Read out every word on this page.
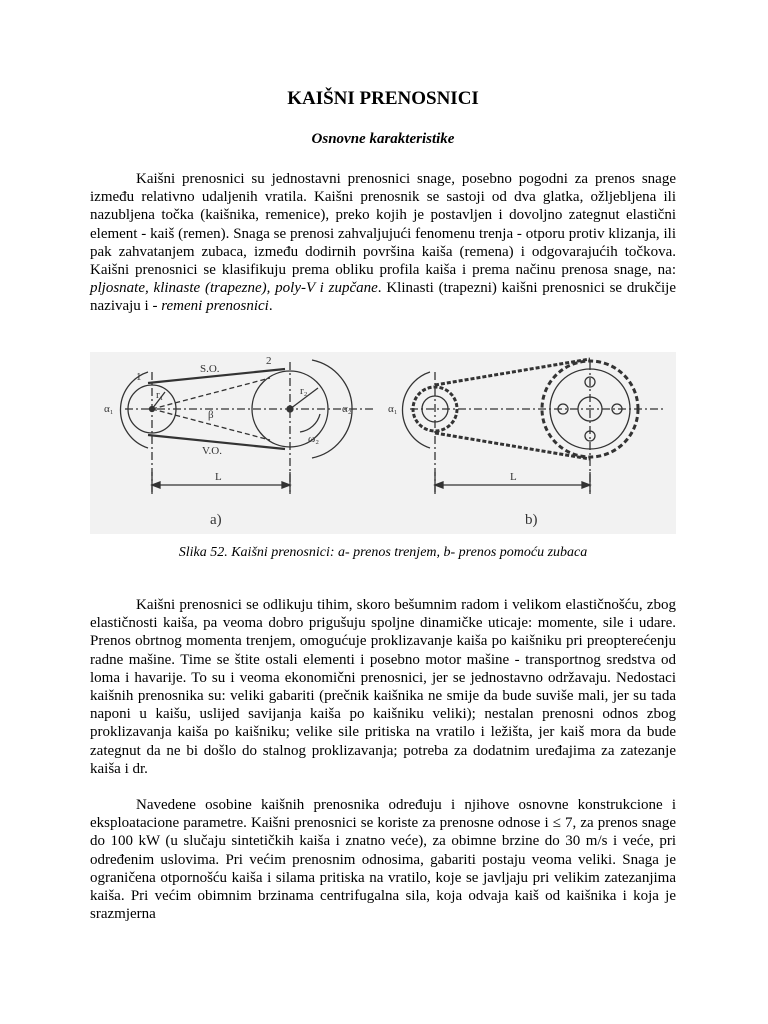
KAIŠNI PRENOSNICI
Osnovne karakteristike

Kaišni prenosnici su jednostavni prenosnici snage, posebno pogodni za prenos snage između relativno udaljenih vratila. Kaišni prenosnik se sastoji od dva glatka, ožljebljena ili nazubljena točka (kaišnika, remenice), preko kojih je postavljen i dovoljno zategnut elastični element - kaiš (remen). Snaga se prenosi zahvaljujući fenomenu trenja - otporu protiv klizanja, ili pak zahvatanjem zubaca, između dodirnih površina kaiša (remena) i odgovarajućih točkova. Kaišni prenosnici se klasifikuju prema obliku profila kaiša i prema načinu prenosa snage, na: pljosnate, klinaste (trapezne), poly-V i zupčane. Klinasti (trapezni) kaišni prenosnici se drukčije nazivaju i - remeni prenosnici.

S.O.
V.O.
L
α₁	α₂
r₁	r₂
β
ω₂
1
2
α₁
L
a)	b)

Slika 52. Kaišni prenosnici: a- prenos trenjem, b- prenos pomoću zubaca

Kaišni prenosnici se odlikuju tihim, skoro bešumnim radom i velikom elastičnošću, zbog elastičnosti kaiša, pa veoma dobro prigušuju spoljne dinamičke uticaje: momente, sile i udare. Prenos obrtnog momenta trenjem, omogućuje proklizavanje kaiša po kaišniku pri preopterećenju radne mašine. Time se štite ostali elementi i posebno motor mašine - transportnog sredstva od loma i havarije. To su i veoma ekonomični prenosnici, jer se jednostavno održavaju. Nedostaci kaišnih prenosnika su: veliki gabariti (prečnik kaišnika ne smije da bude suviše mali, jer su tada naponi u kaišu, uslijed savijanja kaiša po kaišniku veliki); nestalan prenosni odnos zbog proklizavanja kaiša po kaišniku; velike sile pritiska na vratilo i ležišta, jer kaiš mora da bude zategnut da ne bi došlo do stalnog proklizavanja; potreba za dodatnim uređajima za zatezanje kaiša i dr.

Navedene osobine kaišnih prenosnika određuju i njihove osnovne konstrukcione i eksploatacione parametre. Kaišni prenosnici se koriste za prenosne odnose i ≤ 7, za prenos snage do 100 kW (u slučaju sintetičkih kaiša i znatno veće), za obimne brzine do 30 m/s i veće, pri određenim uslovima. Pri većim prenosnim odnosima, gabariti postaju veoma veliki. Snaga je ograničena otpornošću kaiša i silama pritiska na vratilo, koje se javljaju pri velikim zatezanjima kaiša. Pri većim obimnim brzinama centrifugalna sila, koja odvaja kaiš od kaišnika i koja je srazmjerna
